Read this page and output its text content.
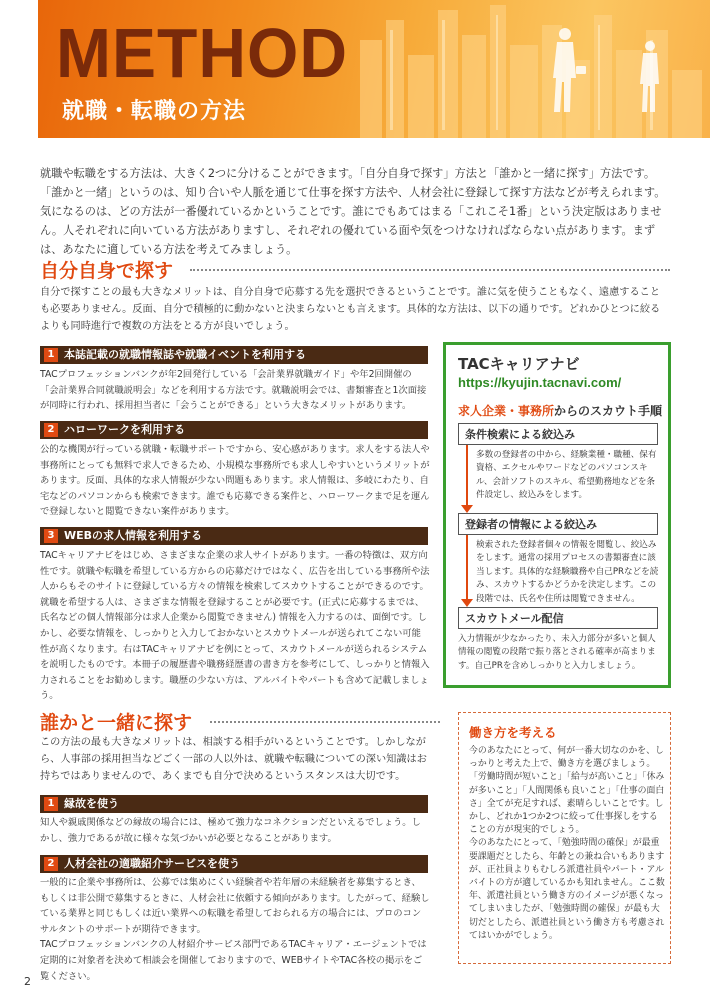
METHOD
就職・転職の方法
就職や転職をする方法は、大きく2つに分けることができます。「自分自身で探す」方法と「誰かと一緒に探す」方法です。「誰かと一緒」というのは、知り合いや人脈を通じて仕事を探す方法や、人材会社に登録して探す方法などが考えられます。気になるのは、どの方法が一番優れているかということです。誰にでもあてはまる「これこそ1番」という決定版はありません。人それぞれに向いている方法がありますし、それぞれの優れている面や気をつけなければならない点があります。まずは、あなたに適している方法を考えてみましょう。
自分自身で探す
自分で探すことの最も大きなメリットは、自分自身で応募する先を選択できるということです。誰に気を使うこともなく、遠慮することも必要ありません。反面、自分で積極的に動かないと決まらないとも言えます。具体的な方法は、以下の通りです。どれかひとつに絞るよりも同時進行で複数の方法をとる方が良いでしょう。
1 本誌記載の就職情報誌や就職イベントを利用する
TACプロフェッションバンクが年2回発行している「会計業界就職ガイド」や年2回開催の「会計業界合同就職説明会」などを利用する方法です。就職説明会では、書類審査と1次面接が同時に行われ、採用担当者に「会うことができる」という大きなメリットがあります。
2 ハローワークを利用する
公的な機関が行っている就職・転職サポートですから、安心感があります。求人をする法人や事務所にとっても無料で求人できるため、小規模な事務所でも求人しやすいというメリットがあります。反面、具体的な求人情報が少ない問題もあります。求人情報は、多岐にわたり、自宅などのパソコンからも検索できます。誰でも応募できる案件と、ハローワークまで足を運んで登録しないと閲覧できない案件があります。
3 WEBの求人情報を利用する
TACキャリアナビをはじめ、さまざまな企業の求人サイトがあります。一番の特徴は、双方向性です。就職や転職を希望している方からの応募だけではなく、広告を出している事務所や法人からもそのサイトに登録している方々の情報を検索してスカウトすることができるのです。就職を希望する人は、さまざまな情報を登録することが必要です。(正式に応募するまでは、氏名などの個人情報部分は求人企業から閲覧できません) 情報を入力するのは、面倒です。しかし、必要な情報を、しっかりと入力しておかないとスカウトメールが送られてこない可能性が高くなります。右はTACキャリアナビを例にとって、スカウトメールが送られるシステムを説明したものです。本冊子の履歴書や職務経歴書の書き方を参考にして、しっかりと情報入力されることをお勧めします。職歴の少ない方は、アルバイトやパートも含めて記載しましょう。
TACキャリアナビ
https://kyujin.tacnavi.com/
求人企業・事務所からのスカウト手順
条件検索による絞込み
多数の登録者の中から、経験業種・職種、保有資格、エクセルやワードなどのパソコンスキル、会計ソフトのスキル、希望勤務地などを条件設定し、絞込みをします。
登録者の情報による絞込み
検索された登録者個々の情報を閲覧し、絞込みをします。通常の採用プロセスの書類審査に該当します。具体的な経験職務や自己PRなどを読み、スカウトするかどうかを決定します。この段階では、氏名や住所は閲覧できません。
スカウトメール配信
入力情報が少なかったり、未入力部分が多いと個人情報の閲覧の段階で振り落とされる確率が高まります。自己PRを含めしっかりと入力しましょう。
誰かと一緒に探す
この方法の最も大きなメリットは、相談する相手がいるということです。しかしながら、人事部の採用担当などごく一部の人以外は、就職や転職についての深い知識はお持ちではありませんので、あくまでも自分で決めるというスタンスは大切です。
1 縁故を使う
知人や親戚関係などの縁故の場合には、極めて強力なコネクションだといえるでしょう。しかし、強力であるが故に様々な気づかいが必要となることがあります。
2 人材会社の適職紹介サービスを使う
一般的に企業や事務所は、公募では集めにくい経験者や若年層の未経験者を募集するとき、もしくは非公開で募集するときに、人材会社に依頼する傾向があります。したがって、経験している業界と同じもしくは近い業界への転職を希望しておられる方の場合には、プロのコンサルタントのサポートが期待できます。
TACプロフェッションバンクの人材紹介サービス部門であるTACキャリア・エージェントでは定期的に対象者を決めて相談会を開催しておりますので、WEBサイトやTAC各校の掲示をご覧ください。
働き方を考える
今のあなたにとって、何が一番大切なのかを、しっかりと考えた上で、働き方を選びましょう。「労働時間が短いこと」「給与が高いこと」「休みが多いこと」「人間関係も良いこと」「仕事の面白さ」全てが充足すれば、素晴らしいことです。しかし、どれか1つか2つに絞って仕事探しをすることの方が現実的でしょう。
今のあなたにとって、「勉強時間の確保」が最重要課題だとしたら、年齢との兼ね合いもありますが、正社員よりもむしろ派遣社員やパート・アルバイトの方が適しているかも知れません。ここ数年、派遣社員という働き方のイメージが悪くなってしまいましたが、「勉強時間の確保」が最も大切だとしたら、派遣社員という働き方も考慮されてはいかがでしょう。
2
